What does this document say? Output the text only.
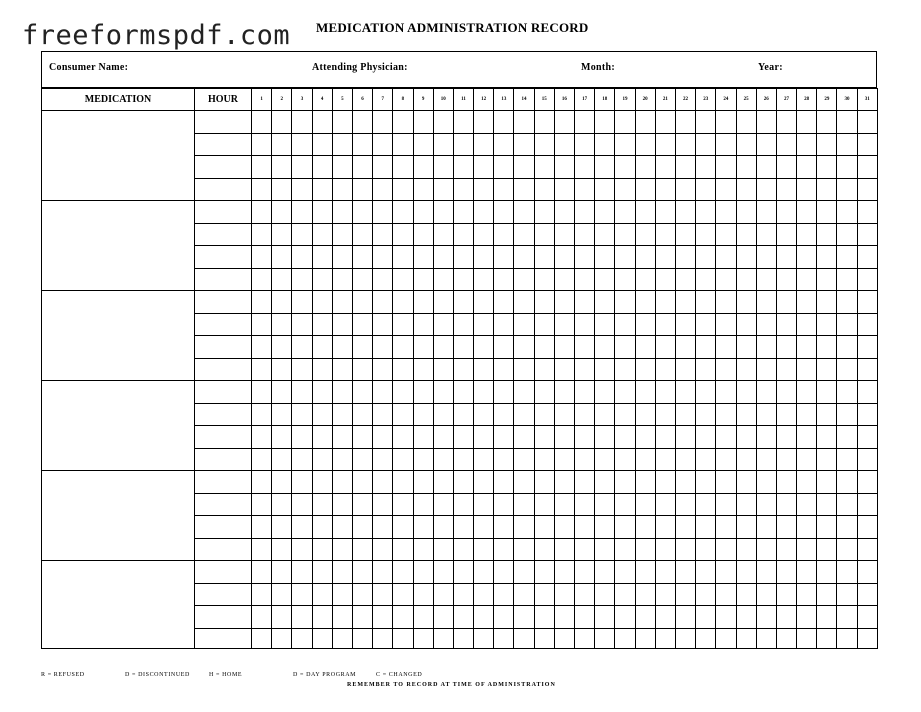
freeformspdf.com MEDICATION ADMINISTRATION RECORD
Consumer Name:	Attending Physician:	Month:	Year:
MEDICATION	HOUR	1	2	3	4	5	6	7	8	9	10	11	12	13	14	15	16	17	18	19	20	21	22	23	24	25	26	27	28	29	30	31

R = REFUSED	D = DISCONTINUED	H = HOME	D = DAY PROGRAM	C = CHANGED
REMEMBER TO RECORD AT TIME OF ADMINISTRATION
